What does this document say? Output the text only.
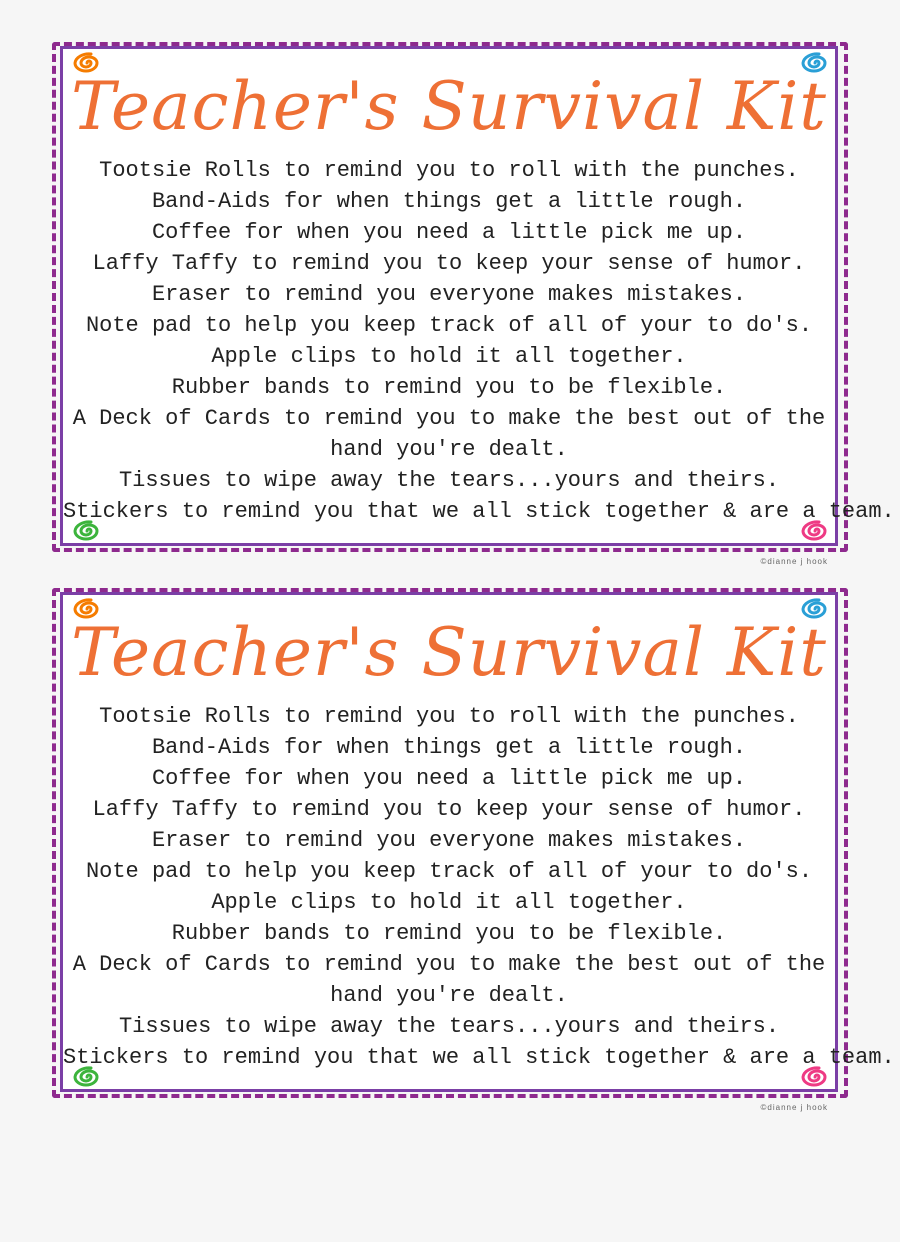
Teacher's Survival Kit
Tootsie Rolls to remind you to roll with the punches.
Band-Aids for when things get a little rough.
Coffee for when you need a little pick me up.
Laffy Taffy to remind you to keep your sense of humor.
Eraser to remind you everyone makes mistakes.
Note pad to help you keep track of all of your to do's.
Apple clips to hold it all together.
Rubber bands to remind you to be flexible.
A Deck of Cards to remind you to make the best out of the
hand you're dealt.
Tissues to wipe away the tears...yours and theirs.
Stickers to remind you that we all stick together & are a team.
©dianne j hook
Teacher's Survival Kit
Tootsie Rolls to remind you to roll with the punches.
Band-Aids for when things get a little rough.
Coffee for when you need a little pick me up.
Laffy Taffy to remind you to keep your sense of humor.
Eraser to remind you everyone makes mistakes.
Note pad to help you keep track of all of your to do's.
Apple clips to hold it all together.
Rubber bands to remind you to be flexible.
A Deck of Cards to remind you to make the best out of the
hand you're dealt.
Tissues to wipe away the tears...yours and theirs.
Stickers to remind you that we all stick together & are a team.
©dianne j hook
